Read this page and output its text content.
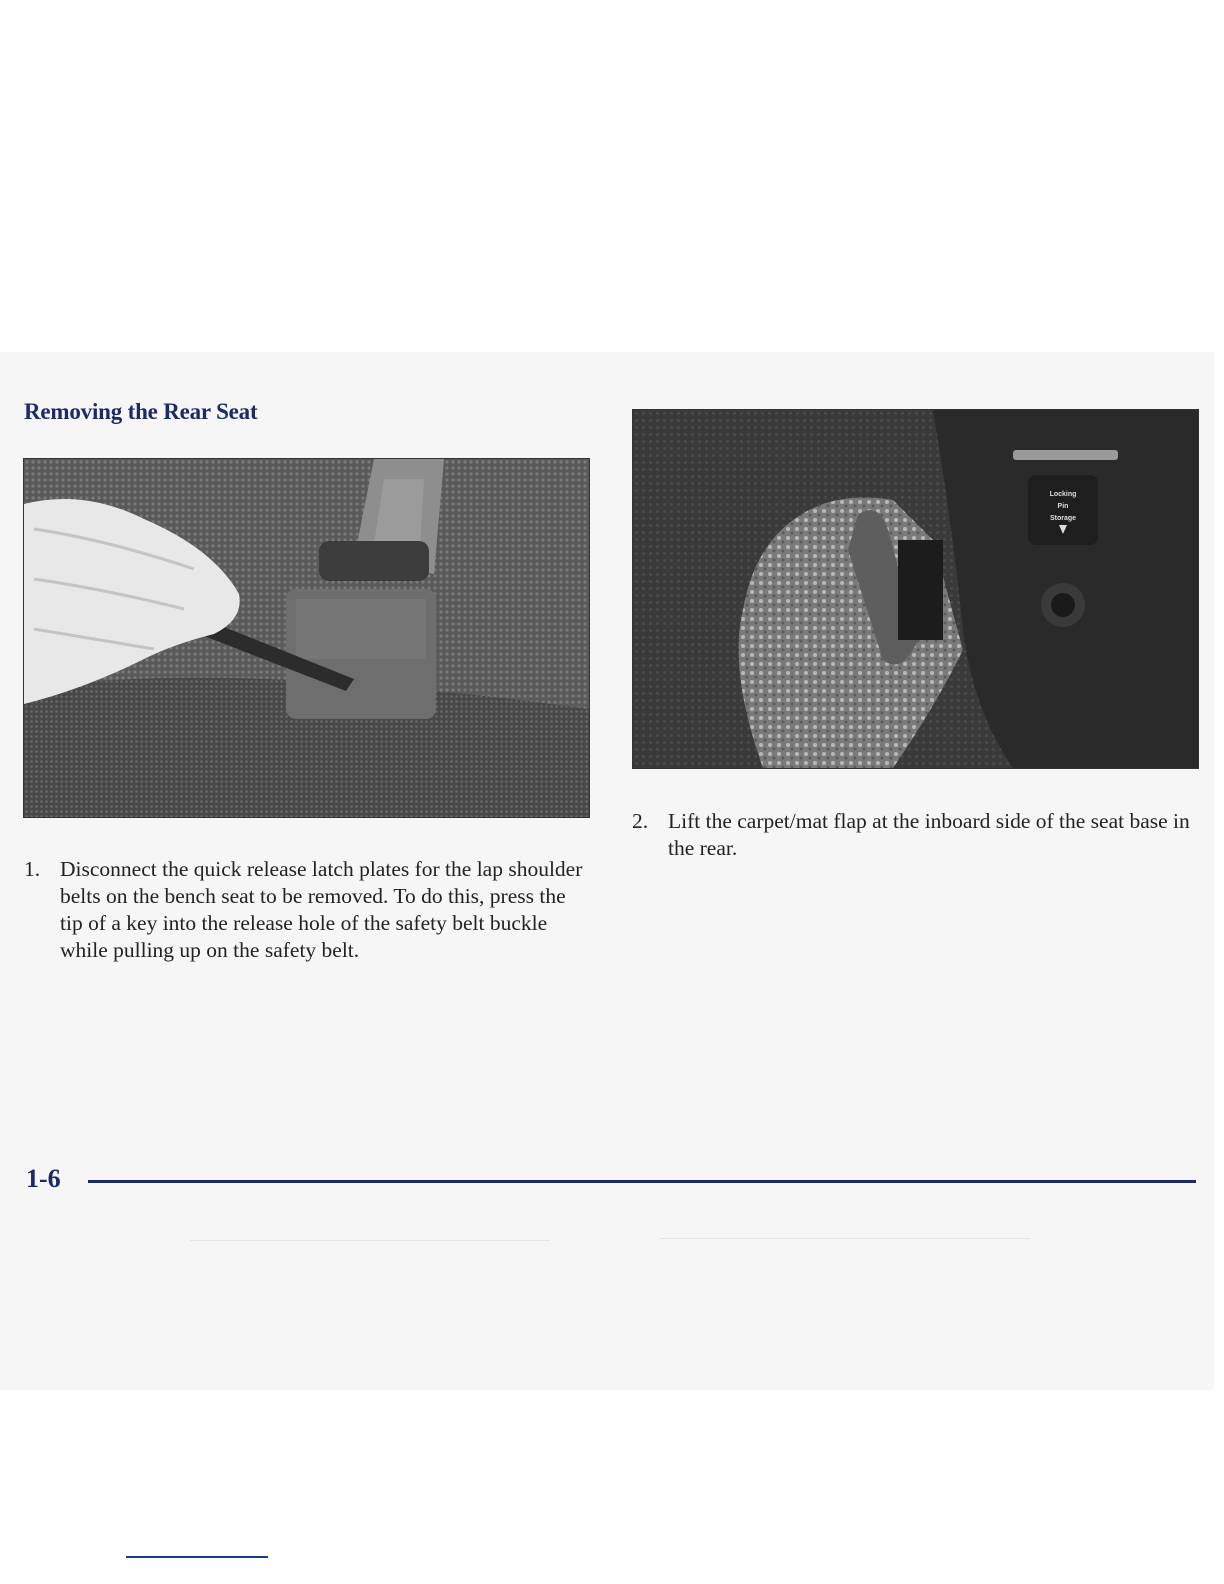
Removing the Rear Seat
Locking
Pin
Storage

1. Disconnect the quick release latch plates for the lap shoulder belts on the bench seat to be removed. To do this, press the tip of a key into the release hole of the safety belt buckle while pulling up on the safety belt.

2. Lift the carpet/mat flap at the inboard side of the seat base in the rear.

1-6
